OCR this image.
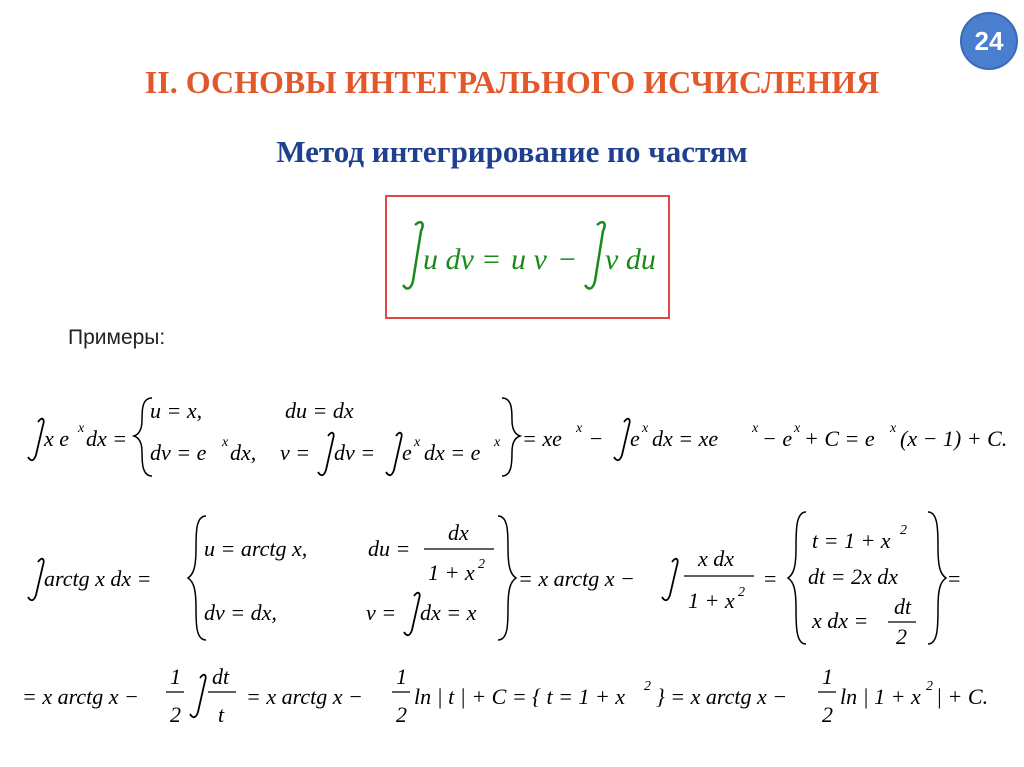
24
II. ОСНОВЫ ИНТЕГРАЛЬНОГО ИСЧИСЛЕНИЯ
Метод интегрирование по частям
u dv = u v − v du
Примеры:
x e x dx =
u = x,	du = dx
dv = e x dx, v = dv = e x dx = e x = xe x − e x dx = xe x − e x + C = e x (x − 1) + C.
arctg x dx =
u = arctg x,	du =
dx
1 + x 2
dv = dx,	v = dx = x
= x arctg x −
x dx
1 + x 2
=
t = 1 + x 2
dt = 2x dx
x dx =
dt
2
=
= x arctg x −
1
2
dt
t
= x arctg x −
1
2
ln | t | + C = { t = 1 + x 2 } = x arctg x −
1
2
ln | 1 + x 2 | + C.
